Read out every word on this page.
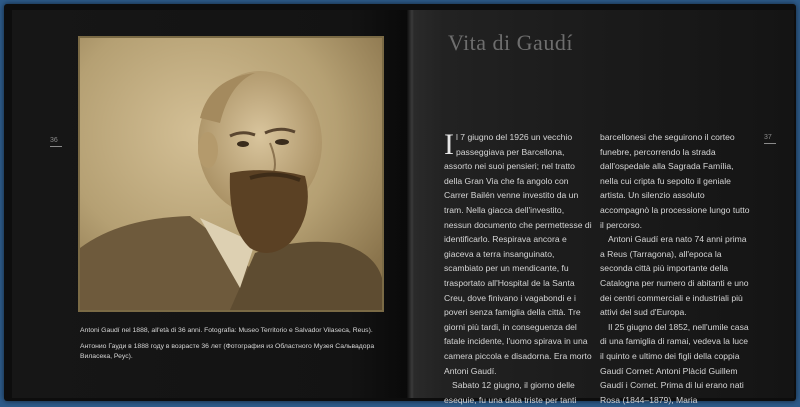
36

Antoni Gaudí nel 1888, all'età di 36 anni. Fotografia: Museo Territorio e Salvador Vilaseca, Reus).

Антонио Гауди в 1888 году в возрасте 36 лет (Фотография из Областного Музея Сальвадора Виласека, Реус).

Vita di Gaudí
37
I l 7 giugno del 1926 un vecchio passeggiava per Barcellona, assorto nei suoi pensieri; nel tratto della Gran Via che fa angolo con Carrer Bailén venne investito da un tram. Nella giacca dell'investito, nessun documento che permettesse di identificarlo. Respirava ancora e giaceva a terra insanguinato, scambiato per un mendicante, fu trasportato all'Hospital de la Santa Creu, dove finivano i vagabondi e i poveri senza famiglia della città. Tre giorni più tardi, in conseguenza del fatale incidente, l'uomo spirava in una camera piccola e disadorna. Era morto Antoni Gaudí.

Sabato 12 giugno, il giorno delle esequie, fu una data triste per tanti

barcellonesi che seguirono il corteo funebre, percorrendo la strada dall'ospedale alla Sagrada Família, nella cui cripta fu sepolto il geniale artista. Un silenzio assoluto accompagnò la processione lungo tutto il percorso.

Antoni Gaudí era nato 74 anni prima a Reus (Tarragona), all'epoca la seconda città più importante della Catalogna per numero di abitanti e uno dei centri commerciali e industriali più attivi del sud d'Europa.

Il 25 giugno del 1852, nell'umile casa di una famiglia di ramai, vedeva la luce il quinto e ultimo dei figli della coppia Gaudí Cornet: Antoni Plàcid Guillem Gaudí i Cornet. Prima di lui erano nati Rosa (1844–1879), Maria
